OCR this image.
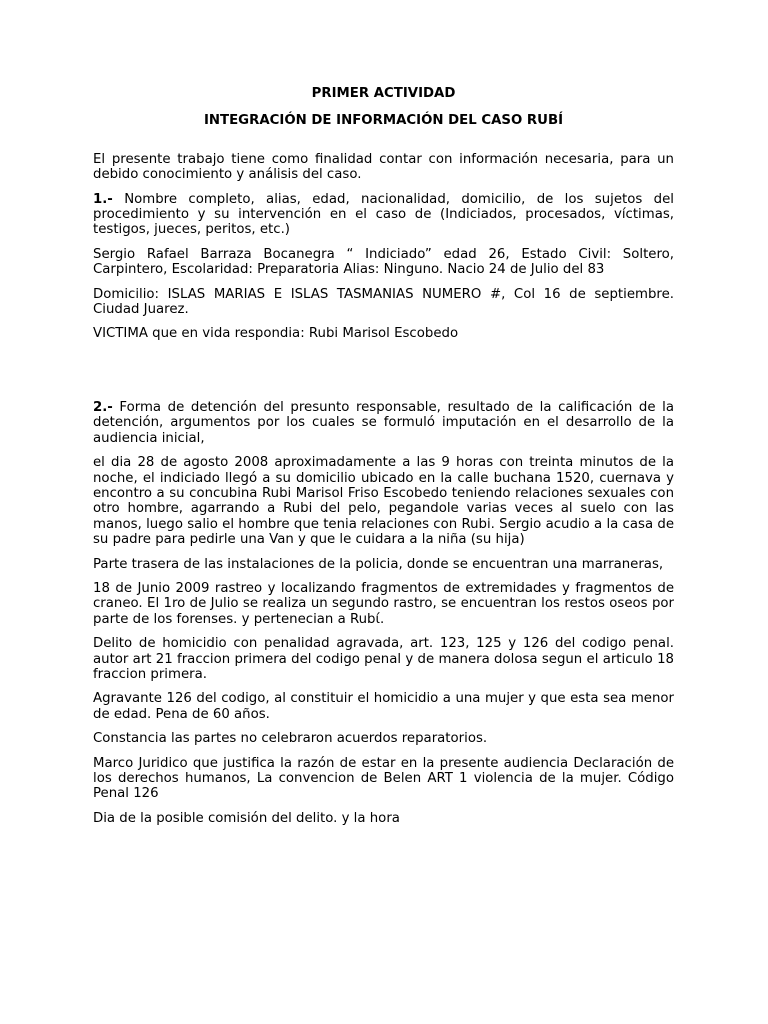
PRIMER ACTIVIDAD
INTEGRACIÓN DE INFORMACIÓN DEL CASO RUBÍ

El presente trabajo tiene como finalidad contar con información necesaria, para un debido conocimiento y análisis del caso.

1.- Nombre completo, alias, edad, nacionalidad, domicilio, de los sujetos del procedimiento y su intervención en el caso de (Indiciados, procesados, víctimas, testigos, jueces, peritos, etc.)

Sergio Rafael Barraza Bocanegra “ Indiciado” edad 26, Estado Civil: Soltero, Carpintero, Escolaridad: Preparatoria Alias: Ninguno. Nacio 24 de Julio del 83

Domicilio: ISLAS MARIAS E ISLAS TASMANIAS NUMERO #, Col 16 de septiembre. Ciudad Juarez.

VICTIMA que en vida respondia: Rubi Marisol Escobedo

2.- Forma de detención del presunto responsable, resultado de la calificación de la detención, argumentos por los cuales se formuló imputación en el desarrollo de la audiencia inicial,

el dia 28 de agosto 2008 aproximadamente a las 9 horas con treinta minutos de la noche, el indiciado llegó a su domicilio ubicado en la calle buchana 1520, cuernava y encontro a su concubina Rubi Marisol Friso Escobedo teniendo relaciones sexuales con otro hombre, agarrando a Rubi del pelo, pegandole varias veces al suelo con las manos, luego salio el hombre que tenia relaciones con Rubi. Sergio acudio a la casa de su padre para pedirle una Van y que le cuidara a la niña (su hija)

Parte trasera de las instalaciones de la policia, donde se encuentran una marraneras,

18 de Junio 2009 rastreo y localizando fragmentos de extremidades y fragmentos de craneo. El 1ro de Julio se realiza un segundo rastro, se encuentran los restos oseos por parte de los forenses. y pertenecian a Rubί.

Delito de homicidio con penalidad agravada, art. 123, 125 y 126 del codigo penal. autor art 21 fraccion primera del codigo penal y de manera dolosa segun el articulo 18 fraccion primera.

Agravante 126 del codigo, al constituir el homicidio a una mujer y que esta sea menor de edad. Pena de 60 años.

Constancia las partes no celebraron acuerdos reparatorios.

Marco Juridico que justifica la razón de estar en la presente audiencia Declaración de los derechos humanos, La convencion de Belen ART 1 violencia de la mujer. Código Penal 126

Dia de la posible comisión del delito. y la hora
